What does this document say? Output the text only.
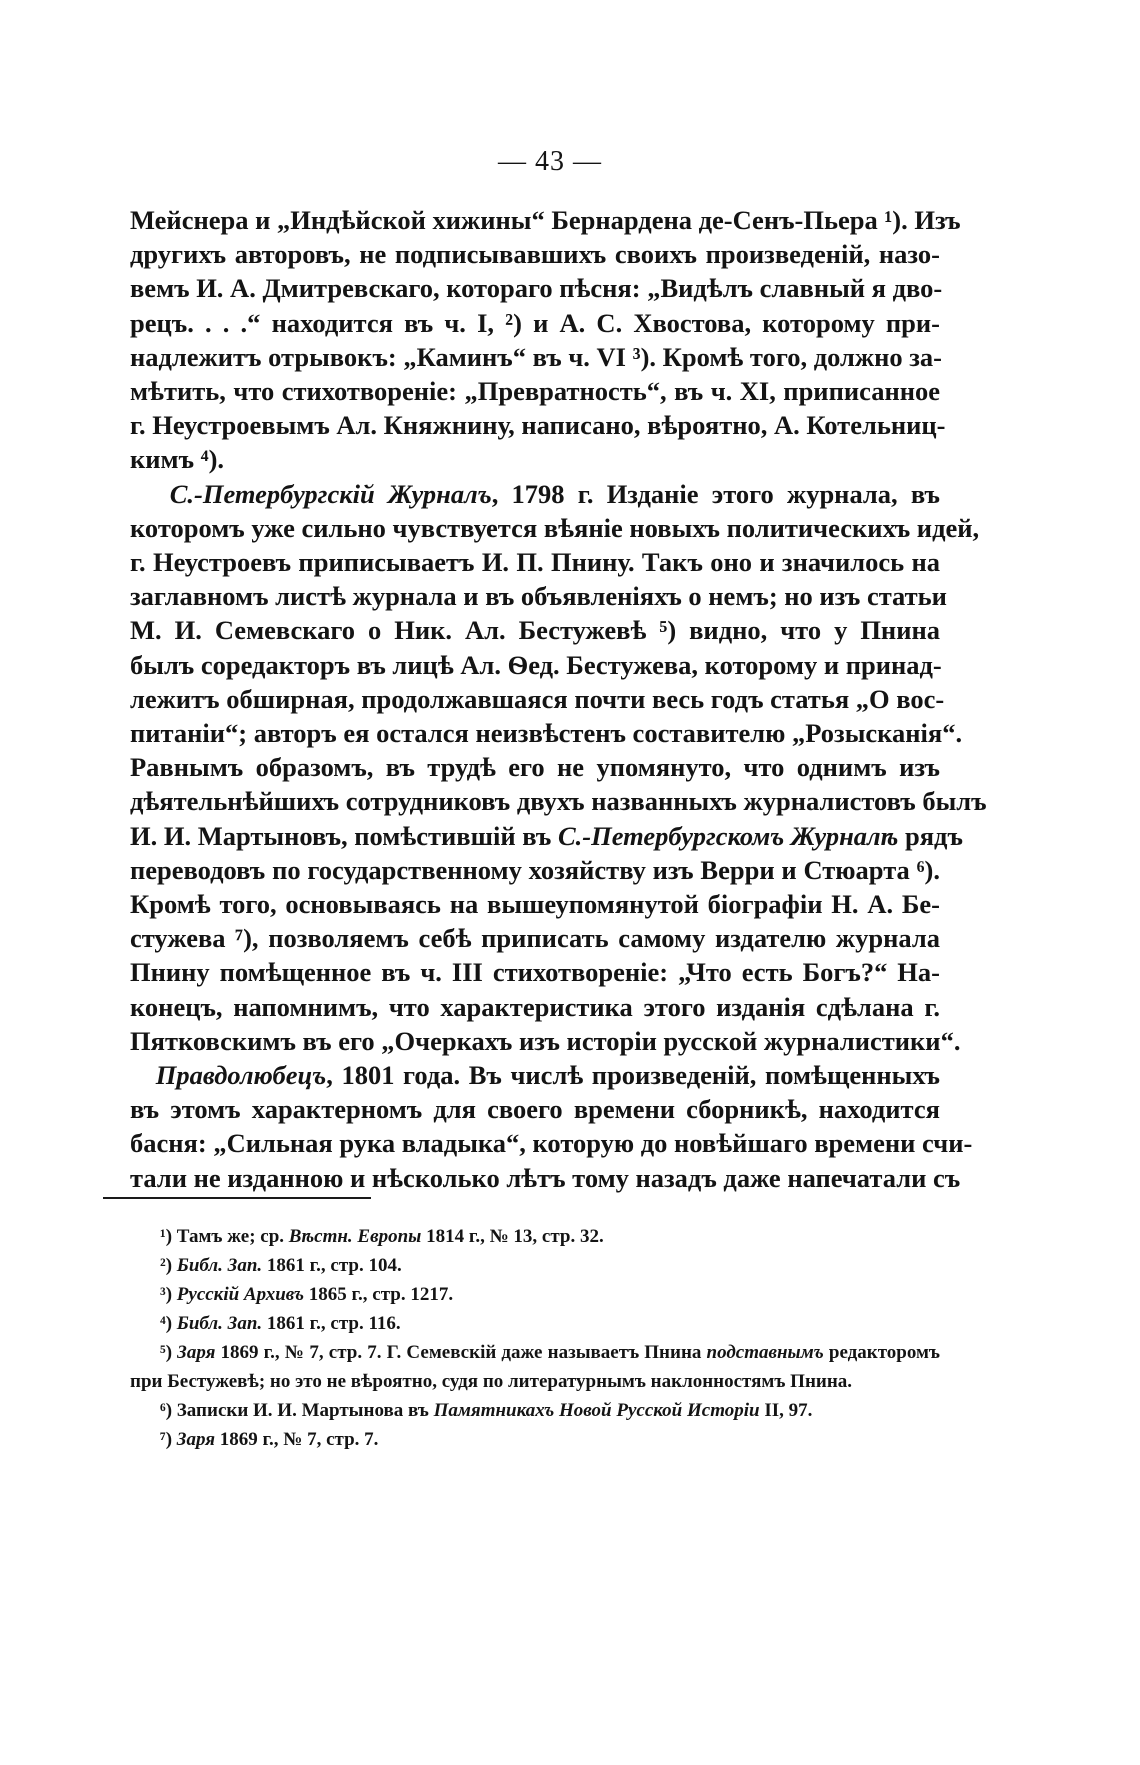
— 43 —

Мейснера и „Индѣйской хижины“ Бернардена де-Сенъ-Пьера ¹). Изъ
другихъ авторовъ, не подписывавшихъ своихъ произведеній, назо-
вемъ И. А. Дмитревскаго, котораго пѣсня: „Видѣлъ славный я дво-
рецъ. . . .“ находится въ ч. I, ²) и А. С. Хвостова, которому при-
надлежитъ отрывокъ: „Каминъ“ въ ч. VI ³). Кромѣ того, должно за-
мѣтить, что стихотвореніе: „Превратность“, въ ч. XI, приписанное
г. Неустроевымъ Ал. Княжнину, написано, вѣроятно, А. Котельниц-
кимъ ⁴).

С.-Петербургскій Журналъ, 1798 г. Изданіе этого журнала, въ
которомъ уже сильно чувствуется вѣяніе новыхъ политическихъ идей,
г. Неустроевъ приписываетъ И. П. Пнину. Такъ оно и значилось на
заглавномъ листѣ журнала и въ объявленіяхъ о немъ; но изъ статьи
М. И. Семевскаго о Ник. Ал. Бестужевѣ ⁵) видно, что у Пнина
былъ соредакторъ въ лицѣ Ал. Ѳед. Бестужева, которому и принад-
лежитъ обширная, продолжавшаяся почти весь годъ статья „О вос-
питаніи“; авторъ ея остался неизвѣстенъ составителю „Розысканія“.
Равнымъ образомъ, въ трудѣ его не упомянуто, что однимъ изъ
дѣятельнѣйшихъ сотрудниковъ двухъ названныхъ журналистовъ былъ
И. И. Мартыновъ, помѣстившій въ С.-Петербургскомъ Журналѣ рядъ
переводовъ по государственному хозяйству изъ Верри и Стюарта ⁶).
Кромѣ того, основываясь на вышеупомянутой біографіи Н. А. Бе-
стужева ⁷), позволяемъ себѣ приписать самому издателю журнала
Пнину помѣщенное въ ч. III стихотвореніе: „Что есть Богъ?“ На-
конецъ, напомнимъ, что характеристика этого изданія сдѣлана г.
Пятковскимъ въ его „Очеркахъ изъ исторіи русской журналистики“.

Правдолюбецъ, 1801 года. Въ числѣ произведеній, помѣщенныхъ
въ этомъ характерномъ для своего времени сборникѣ, находится
басня: „Сильная рука владыка“, которую до новѣйшаго времени счи-
тали не изданною и нѣсколько лѣтъ тому назадъ даже напечатали съ

¹) Тамъ же; ср. Вѣстн. Европы 1814 г., № 13, стр. 32.

²) Библ. Зап. 1861 г., стр. 104.

³) Русскій Архивъ 1865 г., стр. 1217.

⁴) Библ. Зап. 1861 г., стр. 116.

⁵) Заря 1869 г., № 7, стр. 7. Г. Семевскій даже называетъ Пнина подставнымъ редакторомъ при Бестужевѣ; но это не вѣроятно, судя по литературнымъ наклонностямъ Пнина.

⁶) Записки И. И. Мартынова въ Памятникахъ Новой Русской Исторіи II, 97.

⁷) Заря 1869 г., № 7, стр. 7.
